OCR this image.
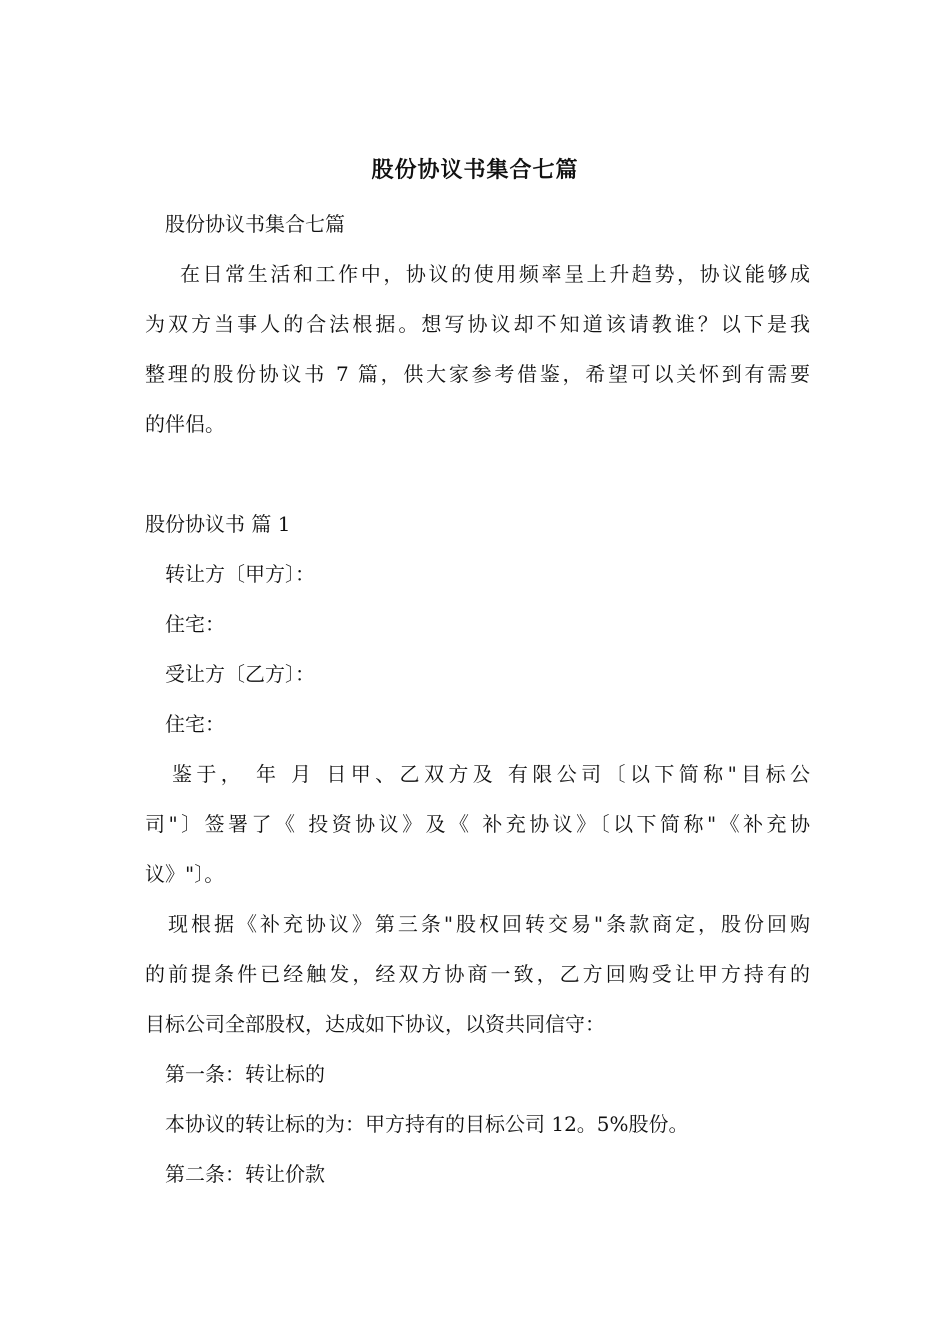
股份协议书集合七篇
股份协议书集合七篇
在日常生活和工作中，协议的使用频率呈上升趋势，协议能够成
为双方当事人的合法根据。想写协议却不知道该请教谁？以下是我
整理的股份协议书 7 篇，供大家参考借鉴，希望可以关怀到有需要
的伴侣。
股份协议书 篇 1
转让方〔甲方〕：
住宅：
受让方〔乙方〕：
住宅：
鉴于， 年 月 日甲、乙双方及 有限公司〔以下简称"目标公
司"〕签署了《 投资协议》及《 补充协议》〔以下简称"《补充协
议》"〕。
现根据《补充协议》第三条"股权回转交易"条款商定，股份回购
的前提条件已经触发，经双方协商一致，乙方回购受让甲方持有的
目标公司全部股权，达成如下协议，以资共同信守：
第一条：转让标的
本协议的转让标的为：甲方持有的目标公司 12。5%股份。
第二条：转让价款
